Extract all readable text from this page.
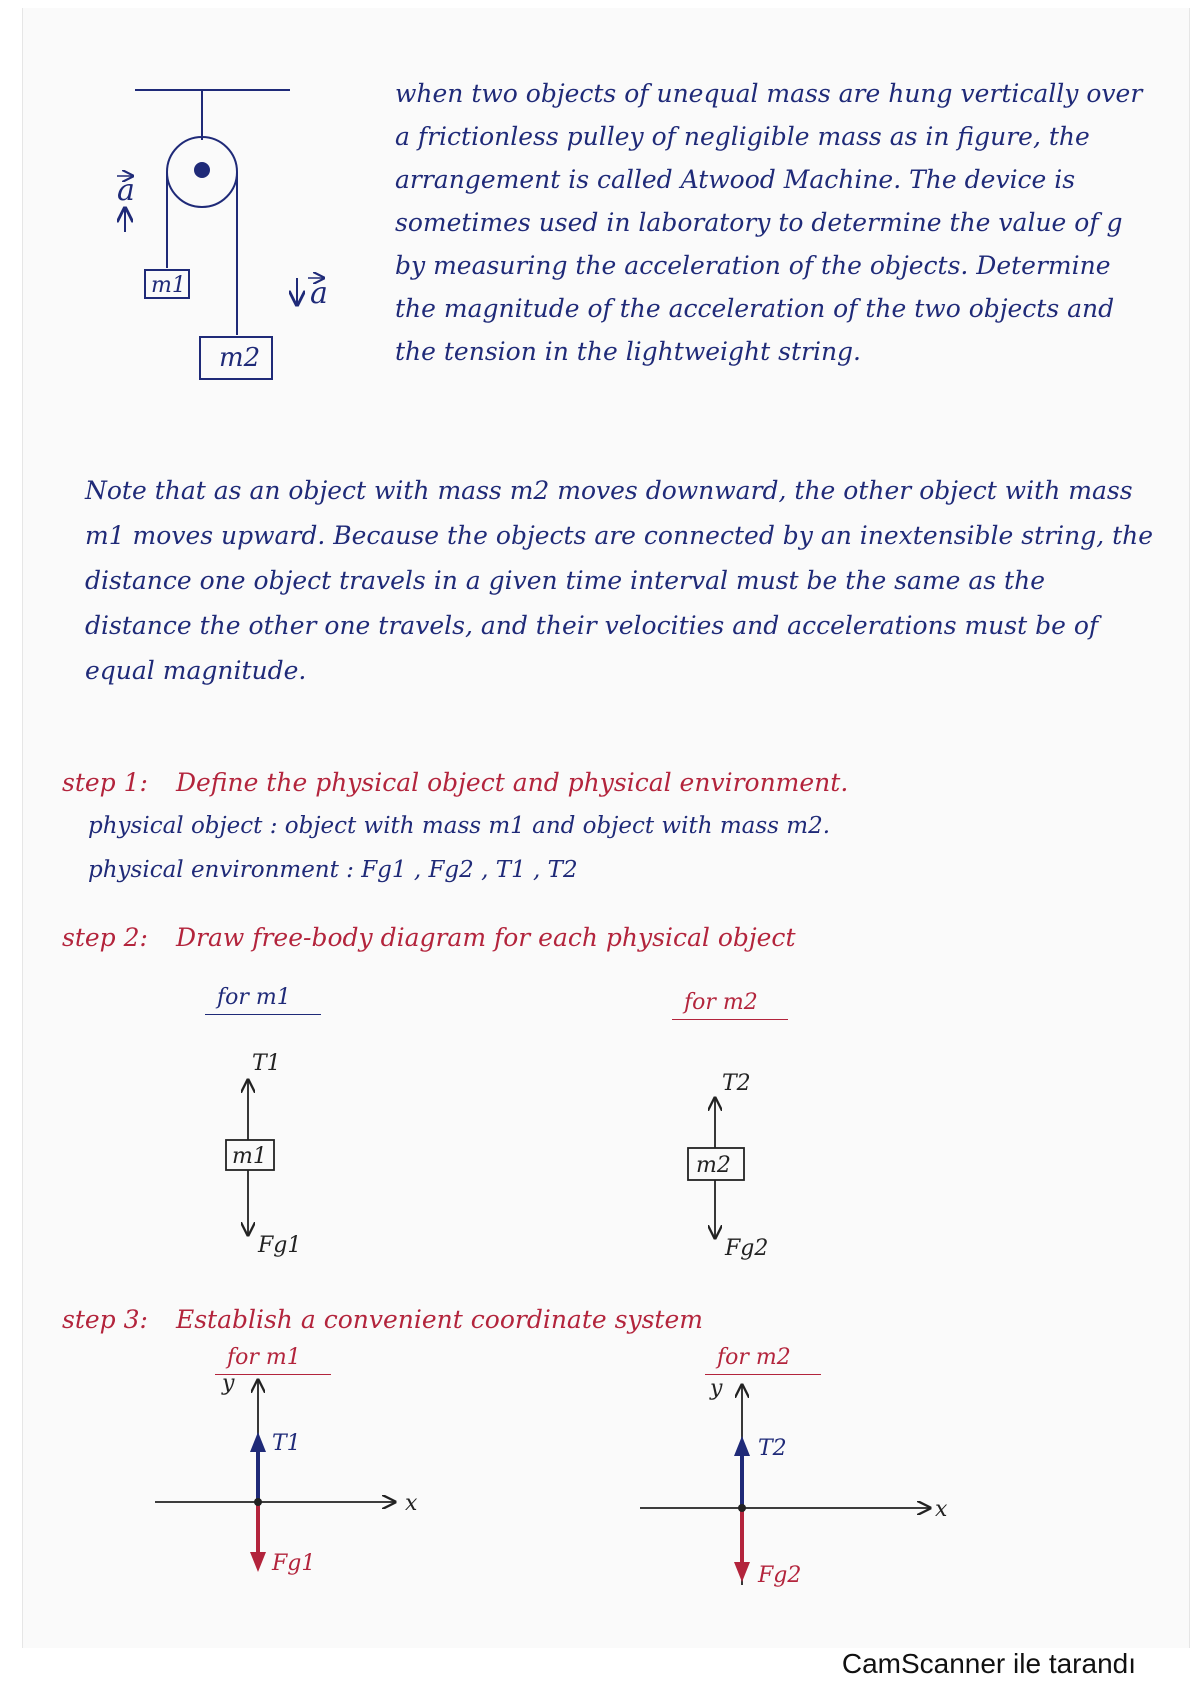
m1
m2
a
a
m1
T1
Fg1
m2
T2
Fg2
y
x
T1
Fg1
y
x
T2
Fg2

when two objects of unequal mass are hung vertically over a frictionless pulley of negligible mass as in figure, the arrangement is called Atwood Machine. The device is sometimes used in laboratory to determine the value of g by measuring the acceleration of the objects. Determine the magnitude of the acceleration of the two objects and the tension in the lightweight string.

Note that as an object with mass m2 moves downward, the other object with mass m1 moves upward. Because the objects are connected by an inextensible string, the distance one object travels in a given time interval must be the same as the distance the other one travels, and their velocities and accelerations must be of equal magnitude.

step 1: Define the physical object and physical environment.

physical object : object with mass m1 and object with mass m2.

physical environment : Fg1 , Fg2 , T1 , T2

step 2: Draw free-body diagram for each physical object

for m1	for m2

step 3: Establish a convenient coordinate system

for m1	for m2
CamScanner ile tarandı
